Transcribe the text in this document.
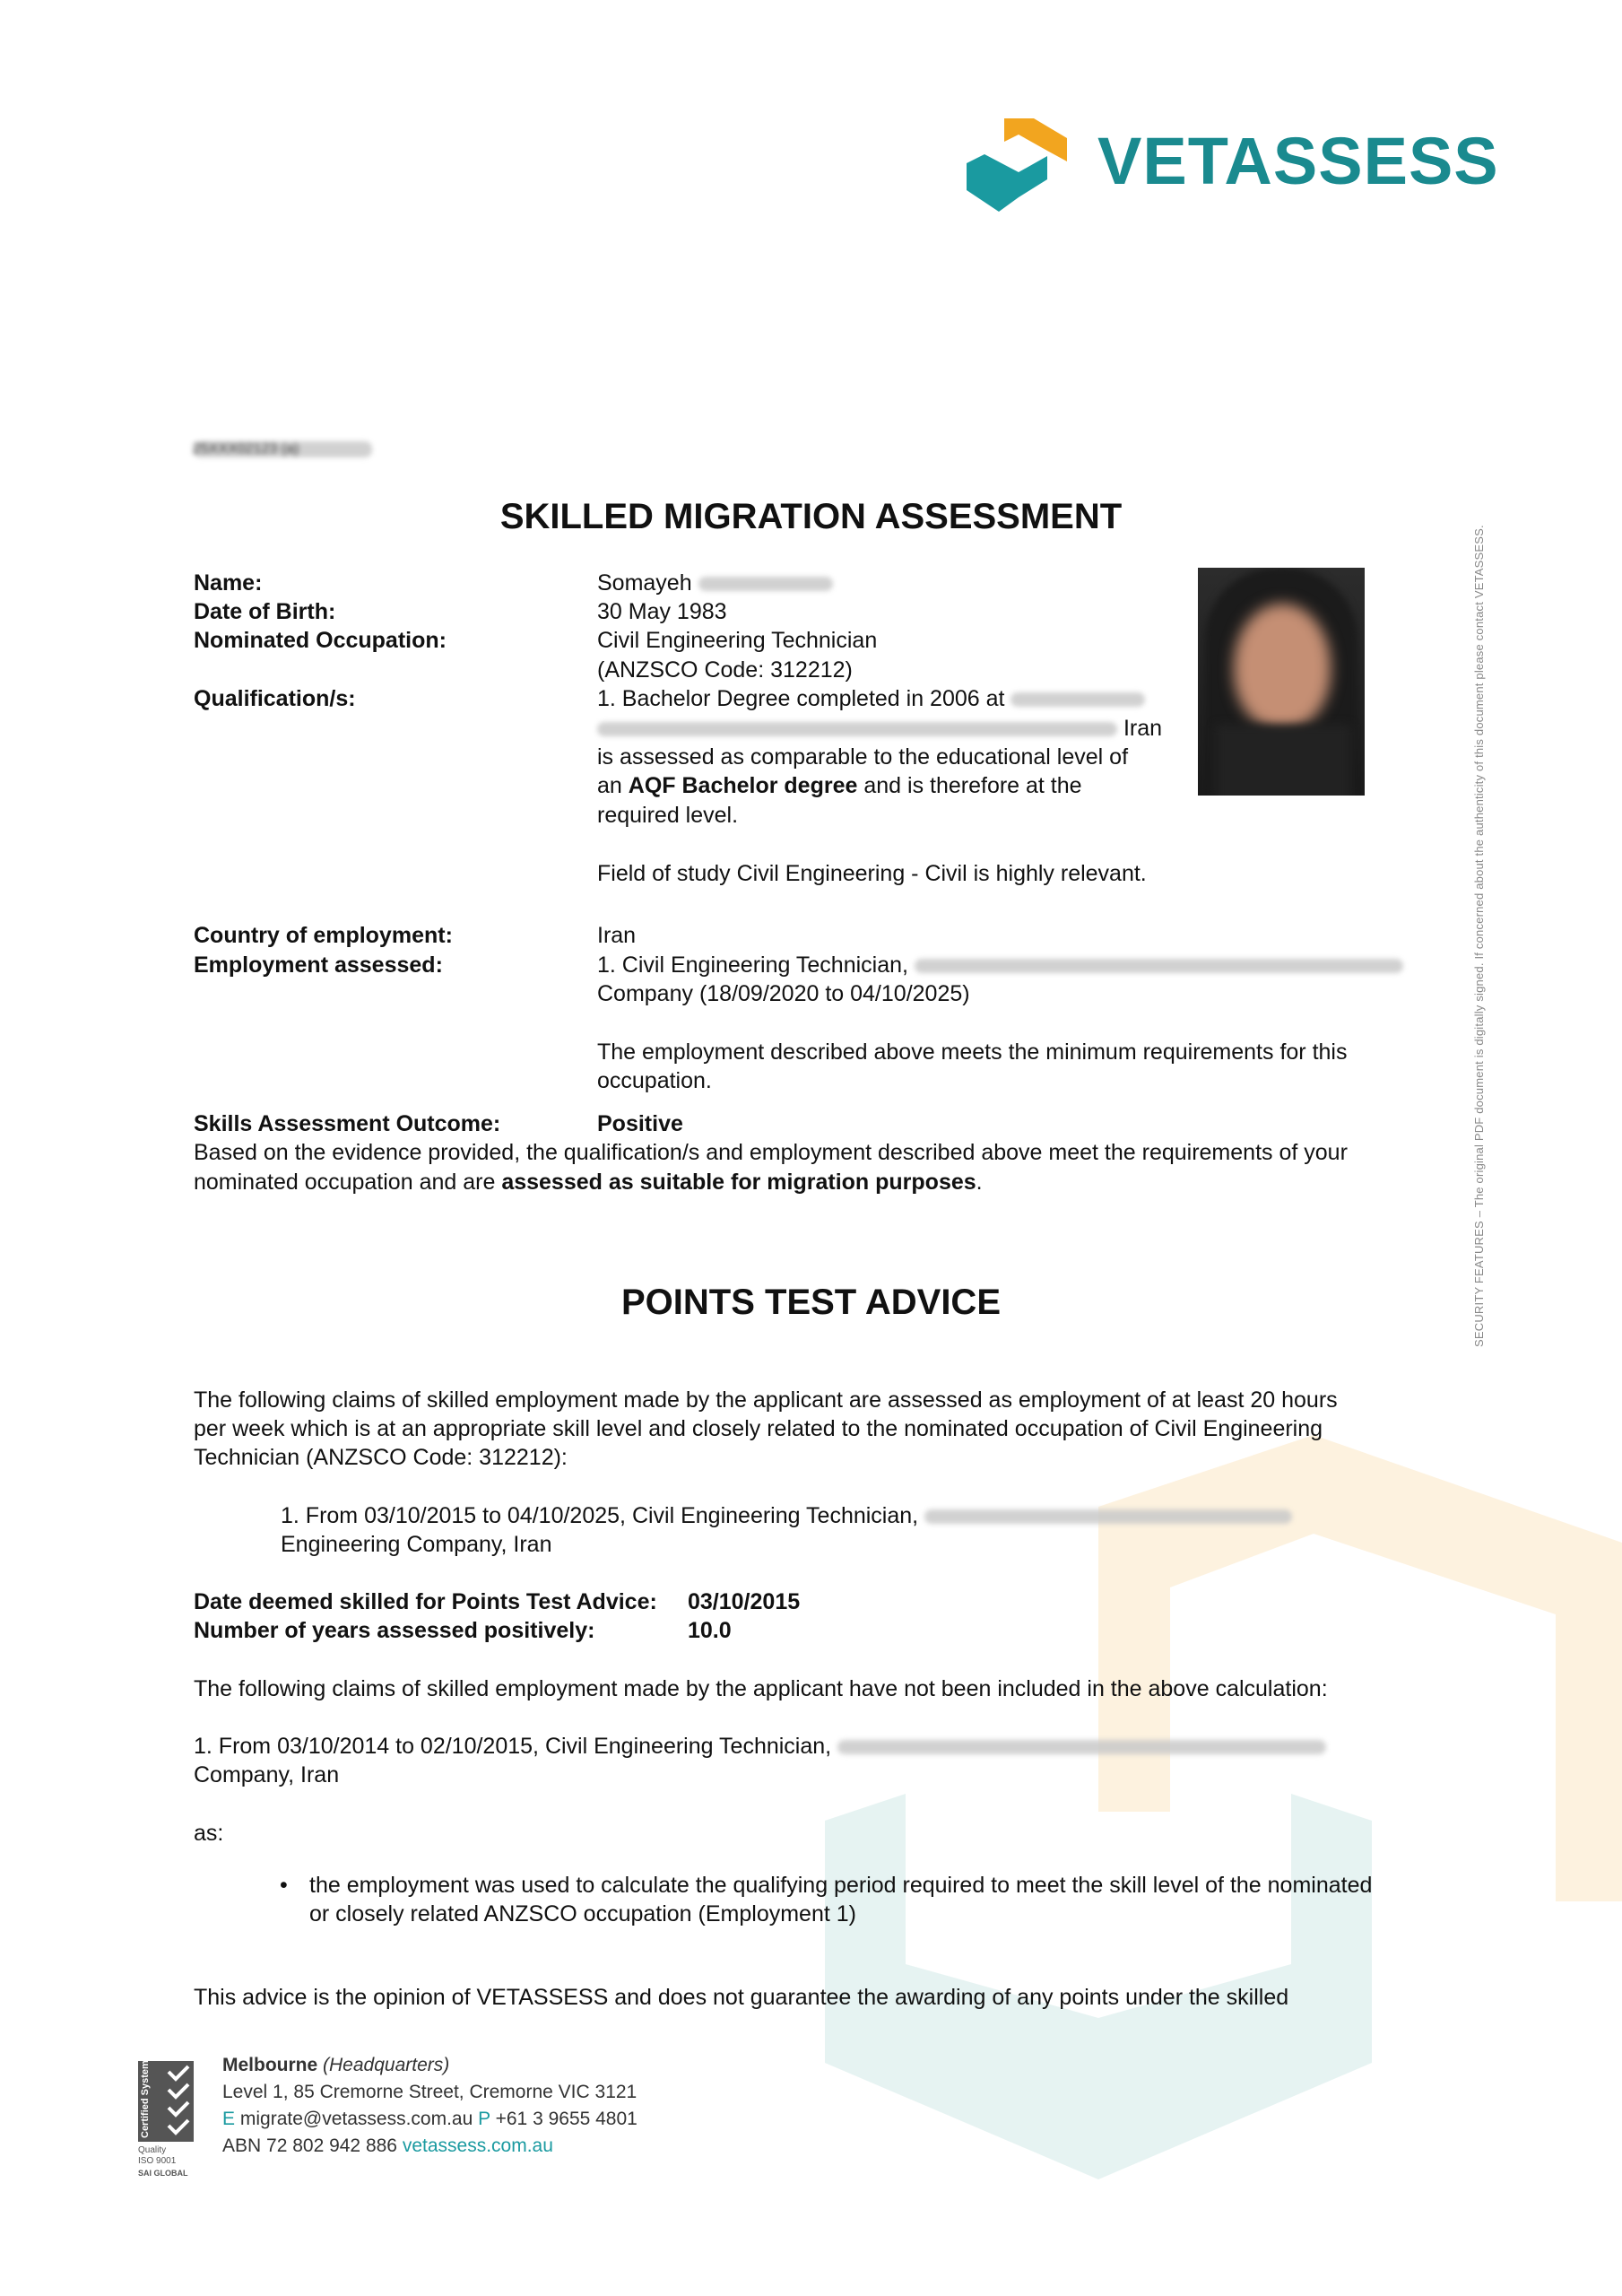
VETASSESS
25XXX02123 (a)
SKILLED MIGRATION ASSESSMENT
Name:
Date of Birth:
Nominated Occupation:
Qualification/s:
Country of employment:
Employment assessed:
Somayeh
30 May 1983
Civil Engineering Technician
(ANZSCO Code: 312212)
1. Bachelor Degree completed in 2006 at
Iran
is assessed as comparable to the educational level of
an AQF Bachelor degree and is therefore at the
required level.
Field of study Civil Engineering - Civil is highly relevant.
Iran
1. Civil Engineering Technician,
Company (18/09/2020 to 04/10/2025)
The employment described above meets the minimum requirements for this
occupation.
Skills Assessment Outcome:	Positive
Based on the evidence provided, the qualification/s and employment described above meet the requirements of your
nominated occupation and are assessed as suitable for migration purposes.
POINTS TEST ADVICE
The following claims of skilled employment made by the applicant are assessed as employment of at least 20 hours
per week which is at an appropriate skill level and closely related to the nominated occupation of Civil Engineering
Technician (ANZSCO Code: 312212):
1. From 03/10/2015 to 04/10/2025, Civil Engineering Technician,
Engineering Company, Iran
Date deemed skilled for Points Test Advice: 03/10/2015
Number of years assessed positively:	10.0
The following claims of skilled employment made by the applicant have not been included in the above calculation:
1. From 03/10/2014 to 02/10/2015, Civil Engineering Technician,
Company, Iran
as:
• the employment was used to calculate the qualifying period required to meet the skill level of the nominated
or closely related ANZSCO occupation (Employment 1)
This advice is the opinion of VETASSESS and does not guarantee the awarding of any points under the skilled
Certified System
Quality
ISO 9001
SAI GLOBAL
Melbourne (Headquarters)
Level 1, 85 Cremorne Street, Cremorne VIC 3121
E migrate@vetassess.com.au P +61 3 9655 4801
ABN 72 802 942 886 vetassess.com.au
SECURITY FEATURES – The original PDF document is digitally signed. If concerned about the authenticity of this document please contact VETASSESS.
